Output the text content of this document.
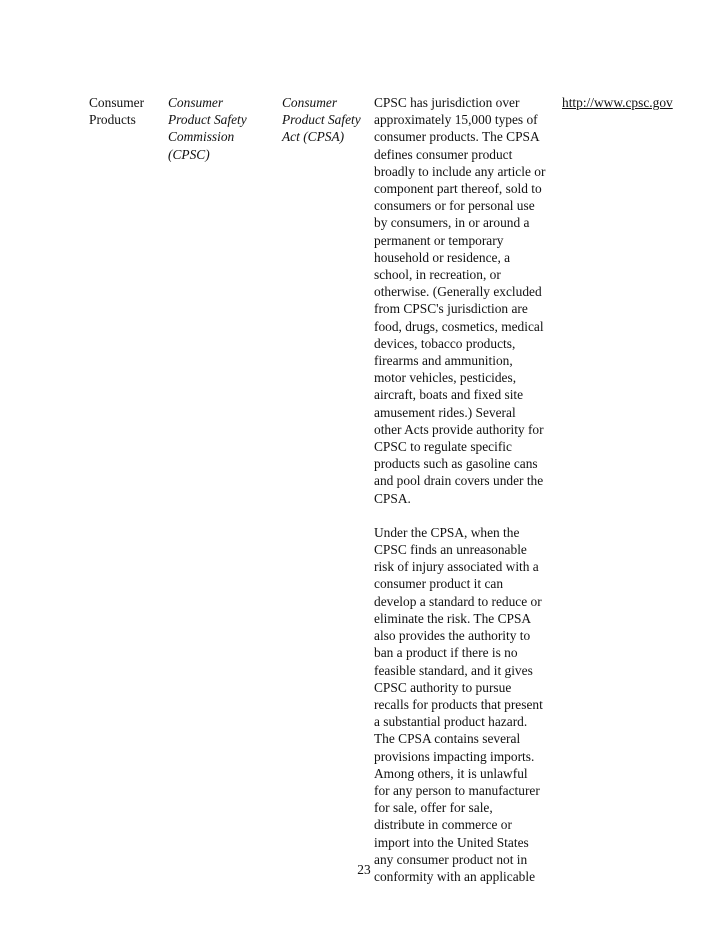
Consumer
Products
Consumer
Product Safety
Commission
(CPSC)
Consumer
Product Safety
Act (CPSA)
CPSC has jurisdiction over
approximately 15,000 types of
consumer products. The CPSA
defines consumer product
broadly to include any article or
component part thereof, sold to
consumers or for personal use
by consumers, in or around a
permanent or temporary
household or residence, a
school, in recreation, or
otherwise. (Generally excluded
from CPSC's jurisdiction are
food, drugs, cosmetics, medical
devices, tobacco products,
firearms and ammunition,
motor vehicles, pesticides,
aircraft, boats and fixed site
amusement rides.) Several
other Acts provide authority for
CPSC to regulate specific
products such as gasoline cans
and pool drain covers under the
CPSA.
Under the CPSA, when the
CPSC finds an unreasonable
risk of injury associated with a
consumer product it can
develop a standard to reduce or
eliminate the risk. The CPSA
also provides the authority to
ban a product if there is no
feasible standard, and it gives
CPSC authority to pursue
recalls for products that present
a substantial product hazard.
The CPSA contains several
provisions impacting imports.
Among others, it is unlawful
for any person to manufacturer
for sale, offer for sale,
distribute in commerce or
import into the United States
any consumer product not in
conformity with an applicable
http://www.cpsc.gov
23
